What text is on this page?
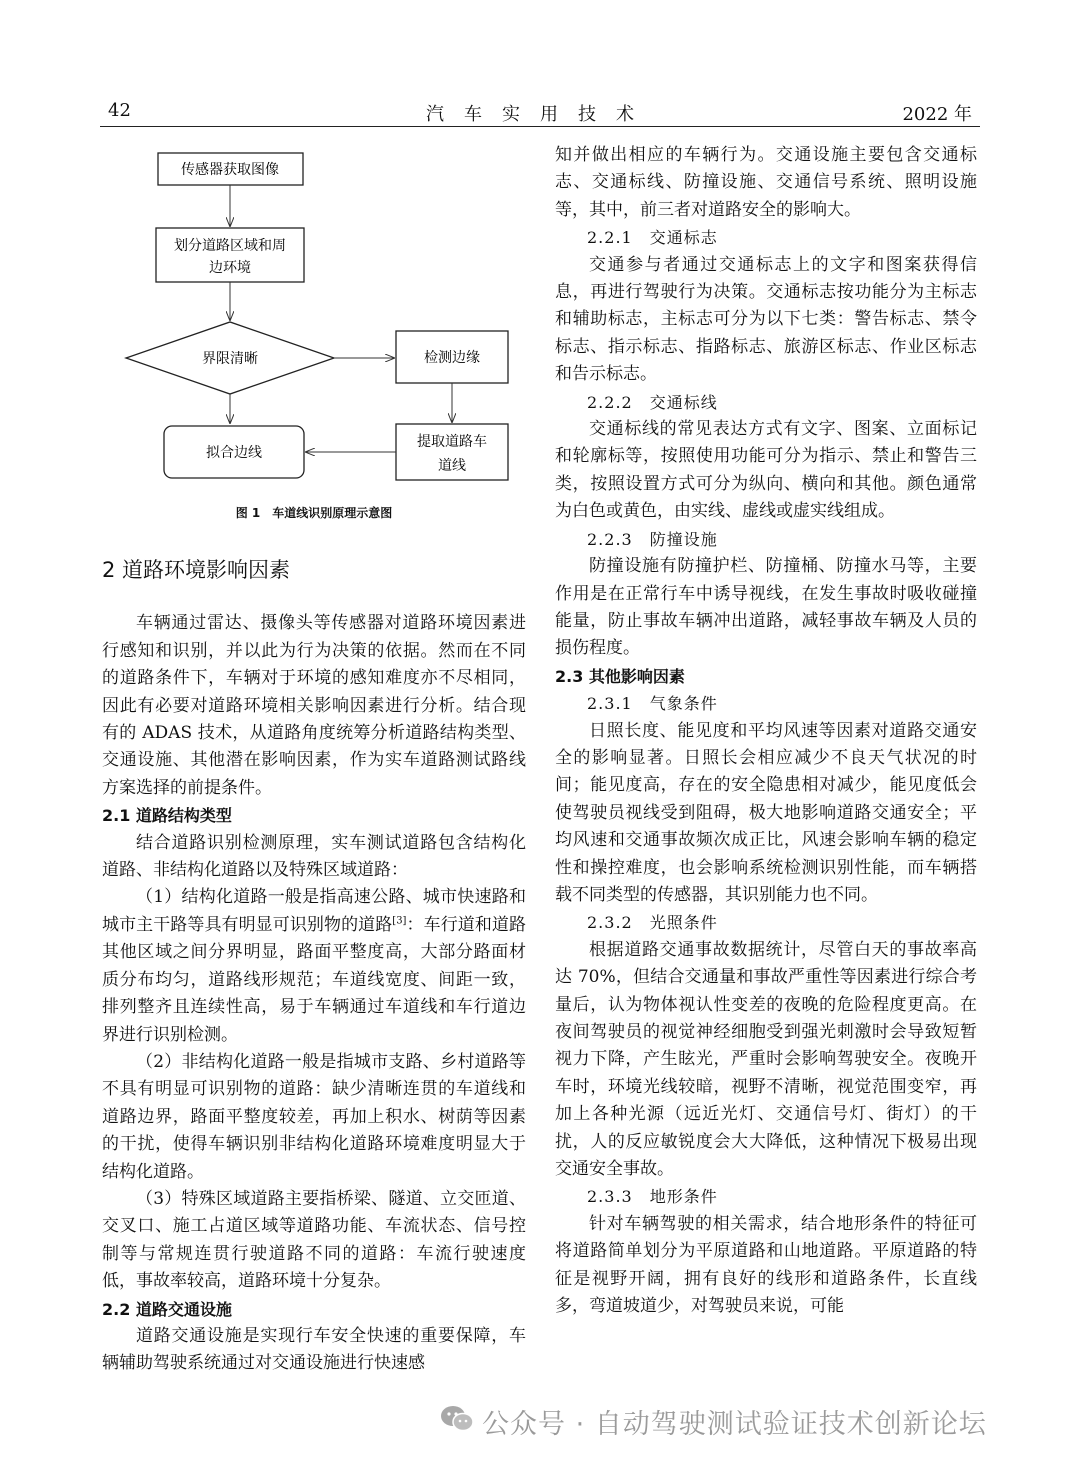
42	汽车实用技术	2022 年
传感器获取图像
划分道路区域和周
边环境
界限清晰	检测边缘
提取道路车
道线
拟合边线
图 1　车道线识别原理示意图
2 道路环境影响因素

车辆通过雷达、摄像头等传感器对道路环境因素进行感知和识别，并以此为行为决策的依据。然而在不同的道路条件下，车辆对于环境的感知难度亦不尽相同，因此有必要对道路环境相关影响因素进行分析。结合现有的 ADAS 技术，从道路角度统筹分析道路结构类型、交通设施、其他潜在影响因素，作为实车道路测试路线方案选择的前提条件。

2.1 道路结构类型

结合道路识别检测原理，实车测试道路包含结构化道路、非结构化道路以及特殊区域道路：

（1）结构化道路一般是指高速公路、城市快速路和城市主干路等具有明显可识别物的道路[3]：车行道和道路其他区域之间分界明显，路面平整度高，大部分路面材质分布均匀，道路线形规范；车道线宽度、间距一致，排列整齐且连续性高，易于车辆通过车道线和车行道边界进行识别检测。

（2）非结构化道路一般是指城市支路、乡村道路等不具有明显可识别物的道路：缺少清晰连贯的车道线和道路边界，路面平整度较差，再加上积水、树荫等因素的干扰，使得车辆识别非结构化道路环境难度明显大于结构化道路。

（3）特殊区域道路主要指桥梁、隧道、立交匝道、交叉口、施工占道区域等道路功能、车流状态、信号控制等与常规连贯行驶道路不同的道路：车流行驶速度低，事故率较高，道路环境十分复杂。

2.2 道路交通设施

道路交通设施是实现行车安全快速的重要保障，车辆辅助驾驶系统通过对交通设施进行快速感

知并做出相应的车辆行为。交通设施主要包含交通标志、交通标线、防撞设施、交通信号系统、照明设施等，其中，前三者对道路安全的影响大。

2.2.1　交通标志

交通参与者通过交通标志上的文字和图案获得信息，再进行驾驶行为决策。交通标志按功能分为主标志和辅助标志，主标志可分为以下七类：警告标志、禁令标志、指示标志、指路标志、旅游区标志、作业区标志和告示标志。

2.2.2　交通标线

交通标线的常见表达方式有文字、图案、立面标记和轮廓标等，按照使用功能可分为指示、禁止和警告三类，按照设置方式可分为纵向、横向和其他。颜色通常为白色或黄色，由实线、虚线或虚实线组成。

2.2.3　防撞设施

防撞设施有防撞护栏、防撞桶、防撞水马等，主要作用是在正常行车中诱导视线，在发生事故时吸收碰撞能量，防止事故车辆冲出道路，减轻事故车辆及人员的损伤程度。

2.3 其他影响因素
2.3.1　气象条件

日照长度、能见度和平均风速等因素对道路交通安全的影响显著。日照长会相应减少不良天气状况的时间；能见度高，存在的安全隐患相对减少，能见度低会使驾驶员视线受到阻碍，极大地影响道路交通安全；平均风速和交通事故频次成正比，风速会影响车辆的稳定性和操控难度，也会影响系统检测识别性能，而车辆搭载不同类型的传感器，其识别能力也不同。

2.3.2　光照条件

根据道路交通事故数据统计，尽管白天的事故率高达 70%，但结合交通量和事故严重性等因素进行综合考量后，认为物体视认性变差的夜晚的危险程度更高。在夜间驾驶员的视觉神经细胞受到强光刺激时会导致短暂视力下降，产生眩光，严重时会影响驾驶安全。夜晚开车时，环境光线较暗，视野不清晰，视觉范围变窄，再加上各种光源（远近光灯、交通信号灯、街灯）的干扰，人的反应敏锐度会大大降低，这种情况下极易出现交通安全事故。

2.3.3　地形条件

针对车辆驾驶的相关需求，结合地形条件的特征可将道路简单划分为平原道路和山地道路。平原道路的特征是视野开阔，拥有良好的线形和道路条件，长直线多，弯道坡道少，对驾驶员来说，可能

公众号 · 自动驾驶测试验证技术创新论坛
